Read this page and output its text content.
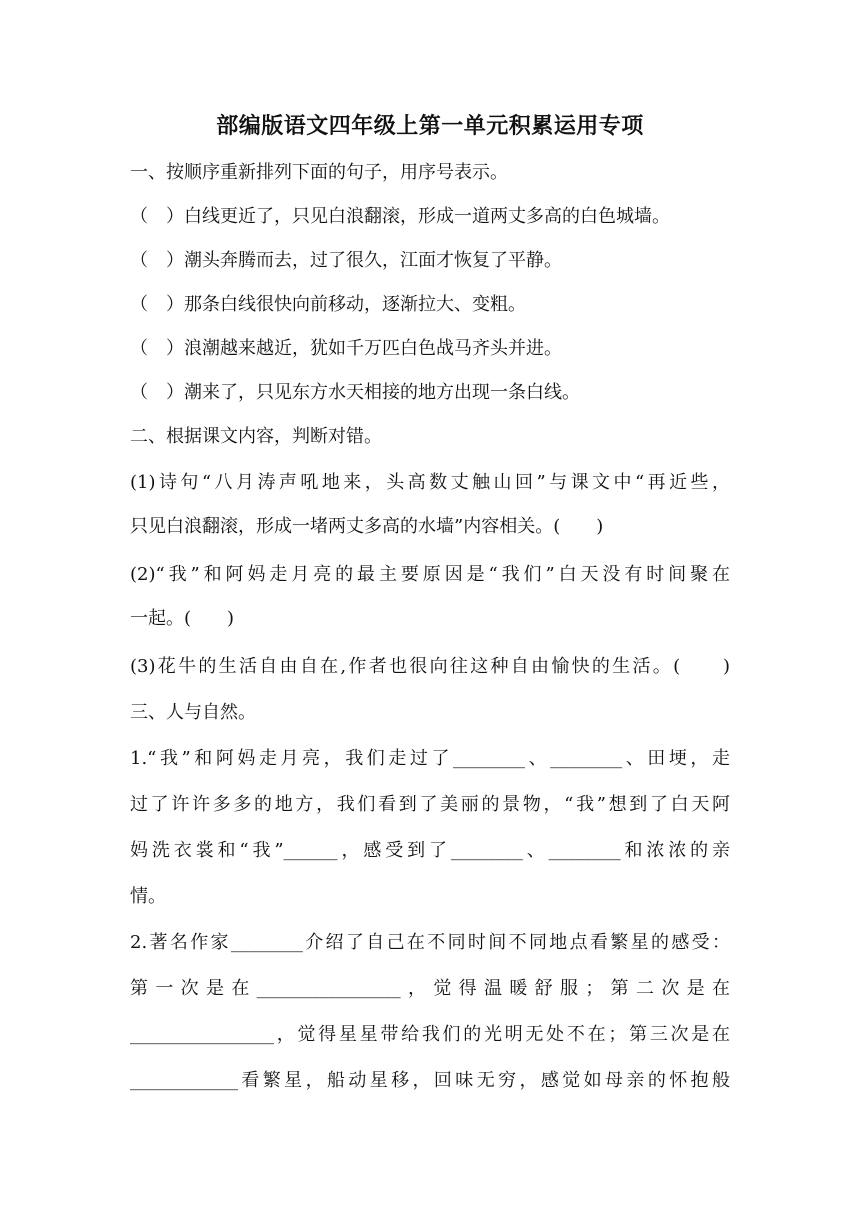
部编版语文四年级上第一单元积累运用专项
一、按顺序重新排列下面的句子，用序号表示。
（　）白线更近了，只见白浪翻滚，形成一道两丈多高的白色城墙。
（　）潮头奔腾而去，过了很久，江面才恢复了平静。
（　）那条白线很快向前移动，逐渐拉大、变粗。
（　）浪潮越来越近，犹如千万匹白色战马齐头并进。
（　）潮来了，只见东方水天相接的地方出现一条白线。
二、根据课文内容，判断对错。
(1)诗句“八月涛声吼地来，头高数丈触山回”与课文中“再近些，
只见白浪翻滚，形成一堵两丈多高的水墙”内容相关。(　　)
(2)“我”和阿妈走月亮的最主要原因是“我们”白天没有时间聚在
一起。(　　)
(3)花牛的生活自由自在,作者也很向往这种自由愉快的生活。(　　)
三、人与自然。
1.“我”和阿妈走月亮，我们走过了________、________、田埂，走
过了许许多多的地方，我们看到了美丽的景物，“我”想到了白天阿
妈洗衣裳和“我”______，感受到了________、________和浓浓的亲
情。
2.著名作家________介绍了自己在不同时间不同地点看繁星的感受：
第一次是在________________，觉得温暖舒服；第二次是在
________________，觉得星星带给我们的光明无处不在；第三次是在
____________看繁星，船动星移，回味无穷，感觉如母亲的怀抱般
